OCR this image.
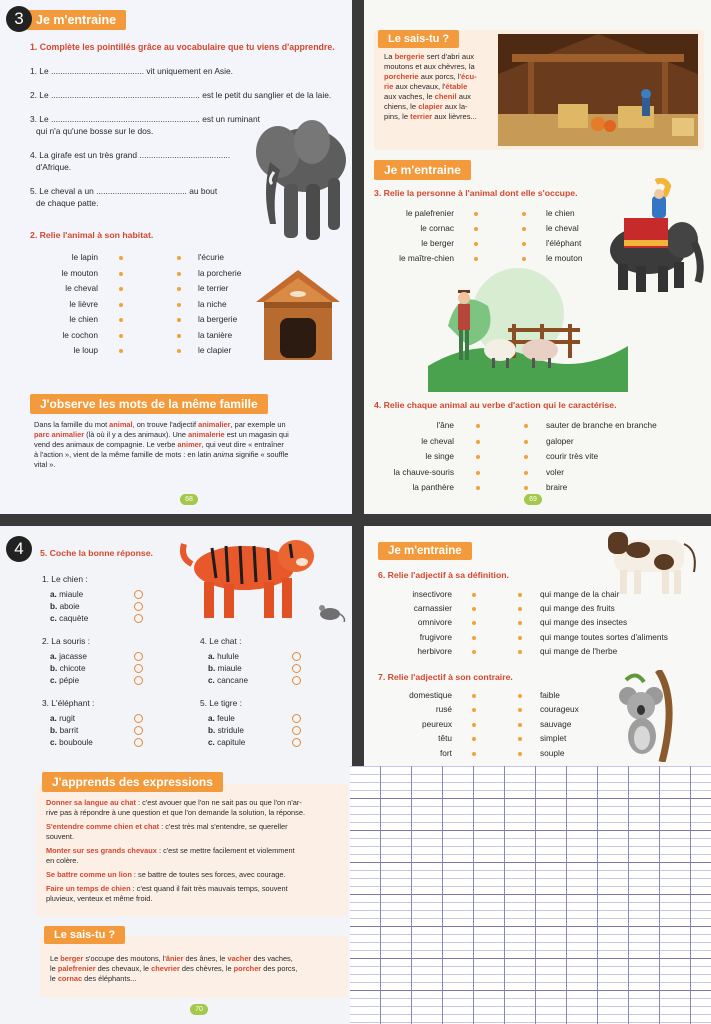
3 Je m'entraine
1. Complète les pointillés grâce au vocabulaire que tu viens d'apprendre.
1. Le ........................................ vit uniquement en Asie.
2. Le ................................................................ est le petit du sanglier et de la laie.
3. Le ................................................................ est un ruminant
qui n'a qu'une bosse sur le dos.
4. La girafe est un très grand .......................................
d'Afrique.
5. Le cheval a un ....................................... au bout
de chaque patte.
2. Relie l'animal à son habitat.
le lapin	l'écurie
le mouton	la porcherie
le cheval	le terrier
le lièvre	la niche
le chien	la bergerie
le cochon	la tanière
le loup	le clapier
J'observe les mots de la même famille
Dans la famille du mot animal, on trouve l'adjectif animalier, par exemple un
parc animalier (là où il y a des animaux). Une animalerie est un magasin qui
vend des animaux de compagnie. Le verbe animer, qui veut dire « entraîner
à l'action », vient de la même famille de mots : en latin anima signifie « souffle
vital ».
68
Le sais-tu ?
La bergerie sert d'abri aux
moutons et aux chèvres, la
porcherie aux porcs, l'écu-
rie aux chevaux, l'étable
aux vaches, le chenil aux
chiens, le clapier aux la-
pins, le terrier aux lièvres...
Je m'entraine
3. Relie la personne à l'animal dont elle s'occupe.
le palefrenier	le chien
le cornac	le cheval
le berger	l'éléphant
le maître-chien	le mouton
4. Relie chaque animal au verbe d'action qui le caractérise.
l'âne	sauter de branche en branche
le cheval	galoper
le singe	courir très vite
la chauve-souris	voler
la panthère	braire
69
4	5. Coche la bonne réponse.
1. Le chien :
a. miaule
b. aboie
c. caquète
2. La souris :
a. jacasse
b. chicote
c. pépie
3. L'éléphant :
a. rugit
b. barrit
c. bouboule
4. Le chat :
a. hulule
b. miaule
c. cancane
5. Le tigre :
a. feule
b. stridule
c. capitule
J'apprends des expressions
Donner sa langue au chat : c'est avouer que l'on ne sait pas ou que l'on n'ar-
rive pas à répondre à une question et que l'on demande la solution, la réponse.
S'entendre comme chien et chat : c'est très mal s'entendre, se quereller
souvent.
Monter sur ses grands chevaux : c'est se mettre facilement et violemment
en colère.
Se battre comme un lion : se battre de toutes ses forces, avec courage.
Faire un temps de chien : c'est quand il fait très mauvais temps, souvent
pluvieux, venteux et même froid.
Le sais-tu ?
Le berger s'occupe des moutons, l'ânier des ânes, le vacher des vaches,
le palefrenier des chevaux, le chevrier des chèvres, le porcher des porcs,
le cornac des éléphants...
70
Je m'entraine
6. Relie l'adjectif à sa définition.
insectivore	qui mange de la chair
carnassier	qui mange des fruits
omnivore	qui mange des insectes
frugivore	qui mange toutes sortes d'aliments
herbivore	qui mange de l'herbe
7. Relie l'adjectif à son contraire.
domestique	faible
rusé	courageux
peureux	sauvage
têtu	simplet
fort	souple
